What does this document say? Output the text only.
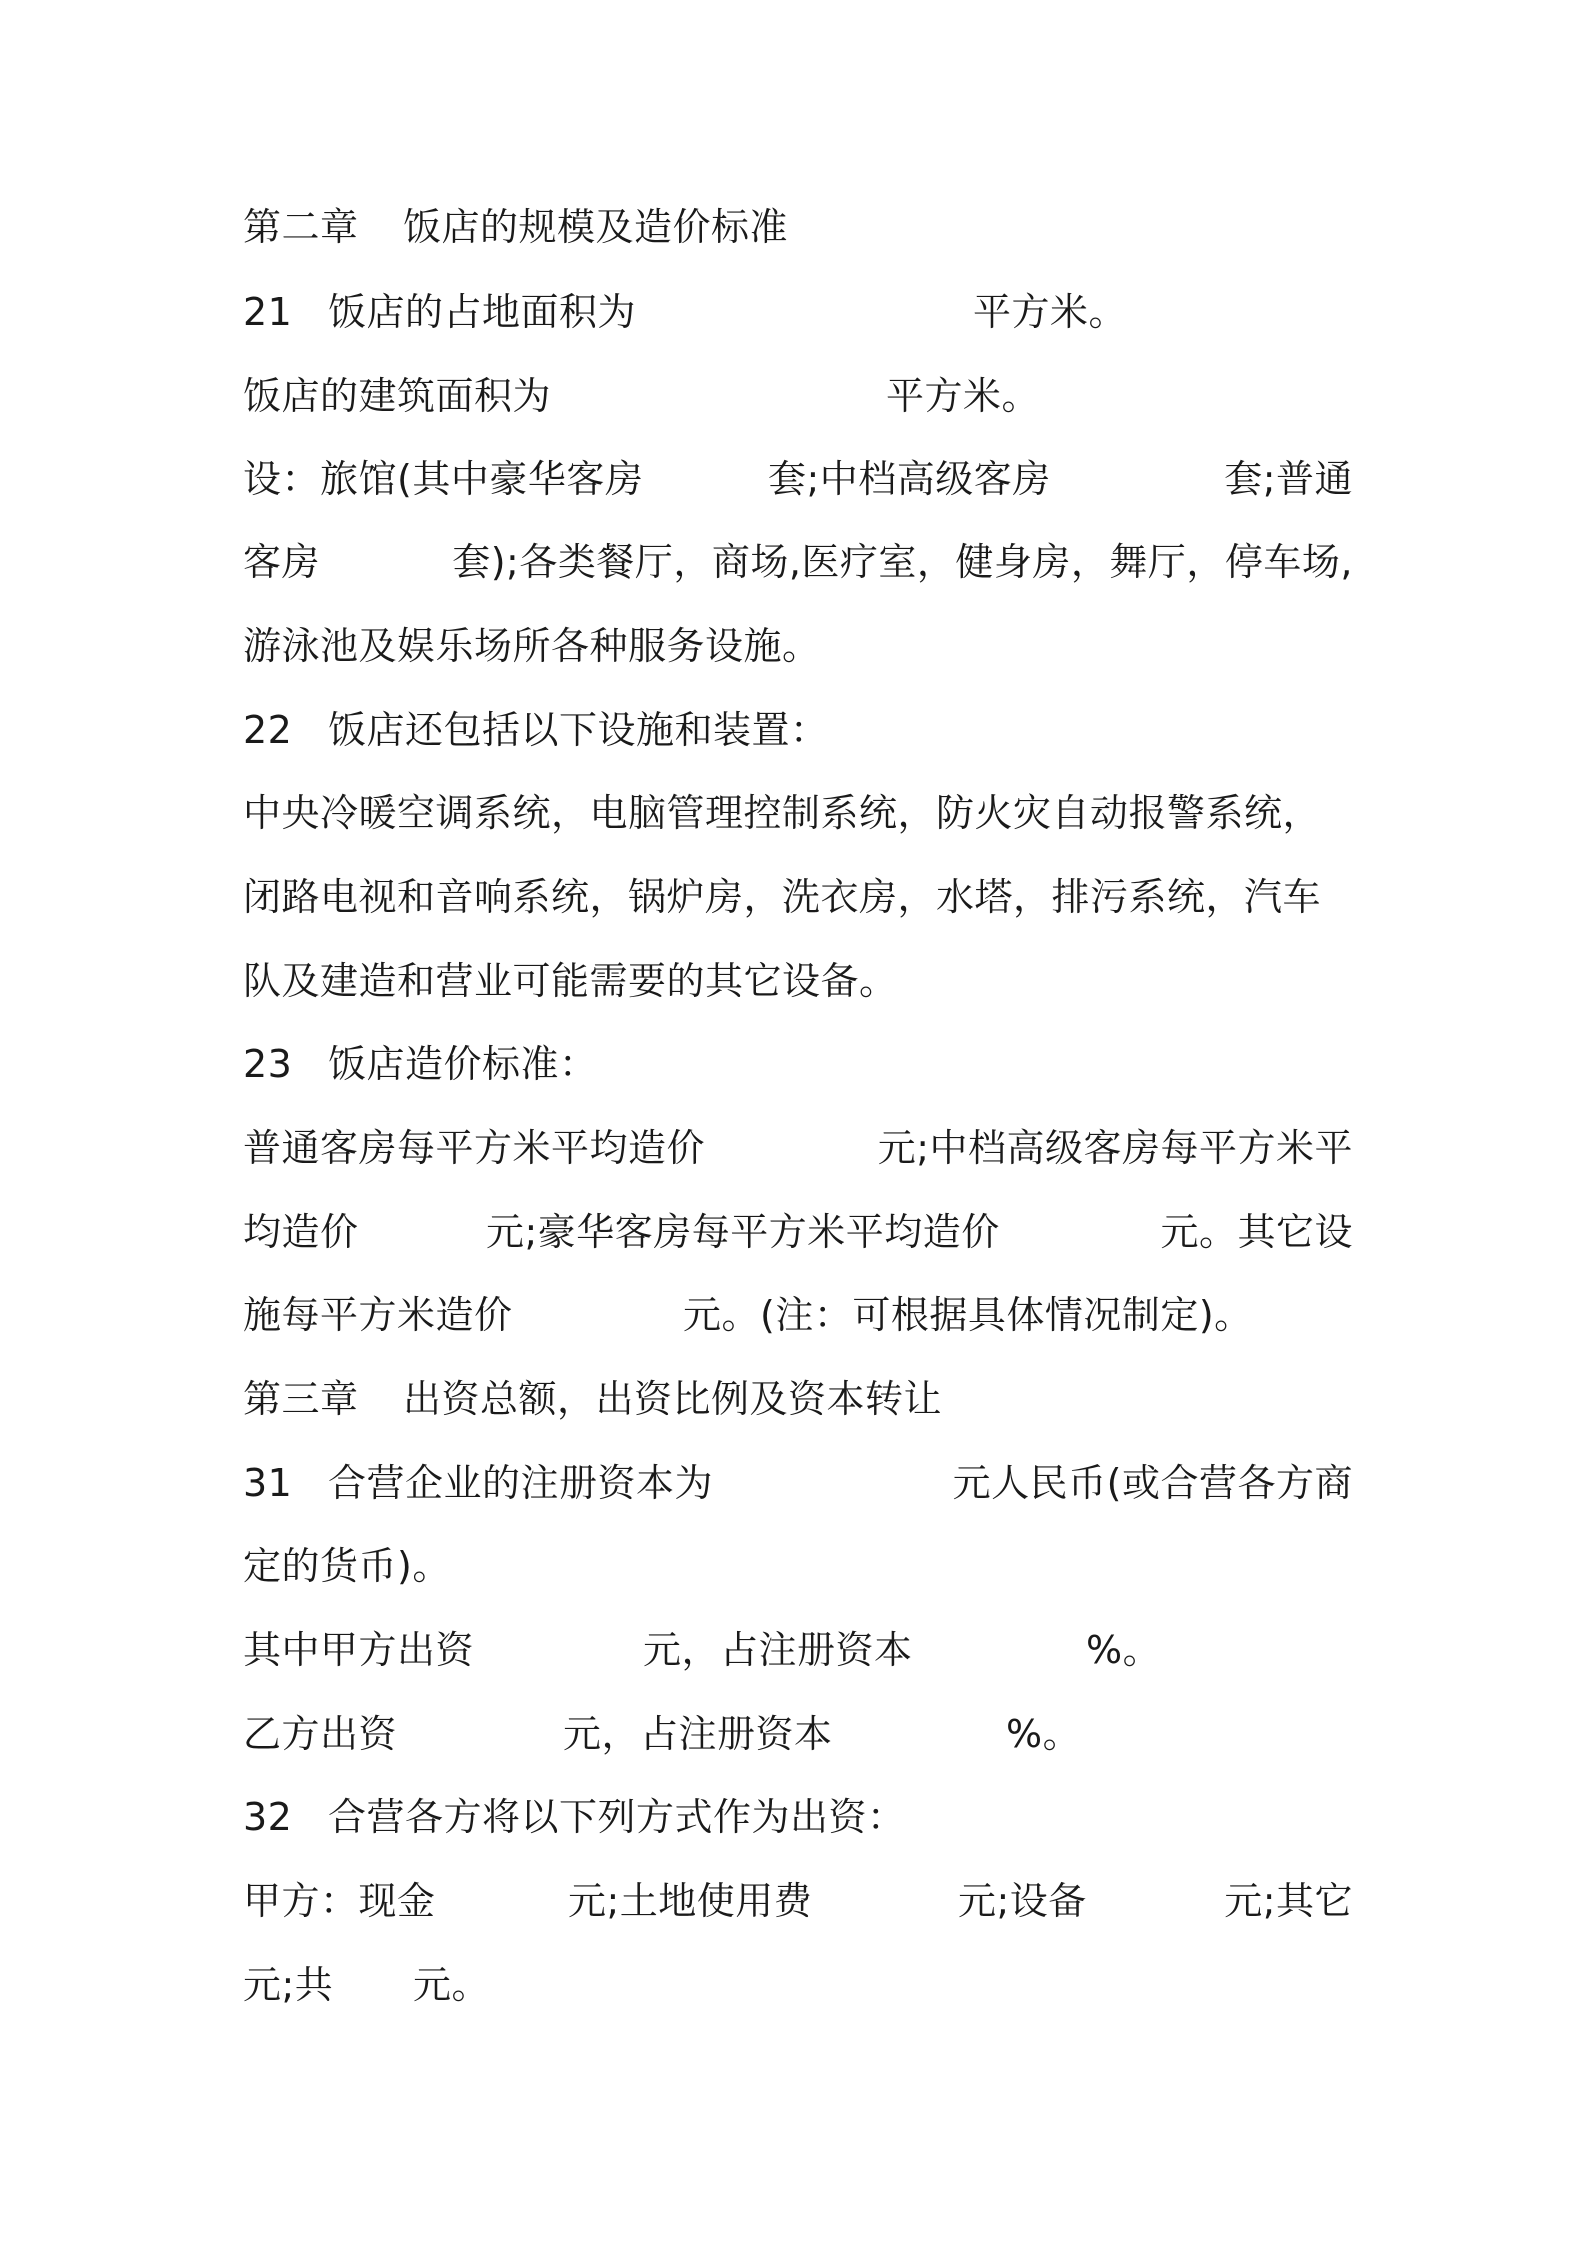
第二章 饭店的规模及造价标准
21 饭店的占地面积为	平方米。
饭店的建筑面积为	平方米。
设：旅馆(其中豪华客房	套;中档高级客房	套;普通
客房	套);各类餐厅，商场,医疗室，健身房，舞厅，停车场,
游泳池及娱乐场所各种服务设施。
22 饭店还包括以下设施和装置：
中央冷暖空调系统，电脑管理控制系统，防火灾自动报警系统，
闭路电视和音响系统，锅炉房，洗衣房，水塔，排污系统，汽车
队及建造和营业可能需要的其它设备。
23 饭店造价标准：
普通客房每平方米平均造价	元;中档高级客房每平方米平
均造价	元;豪华客房每平方米平均造价	元。其它设
施每平方米造价	元。(注：可根据具体情况制定)。
第三章 出资总额，出资比例及资本转让
31 合营企业的注册资本为	元人民币(或合营各方商
定的货币)。
其中甲方出资	元，占注册资本	%。
乙方出资	元，占注册资本	%。
32 合营各方将以下列方式作为出资：
甲方：现金	元;土地使用费	元;设备	元;其它
元;共 元。
